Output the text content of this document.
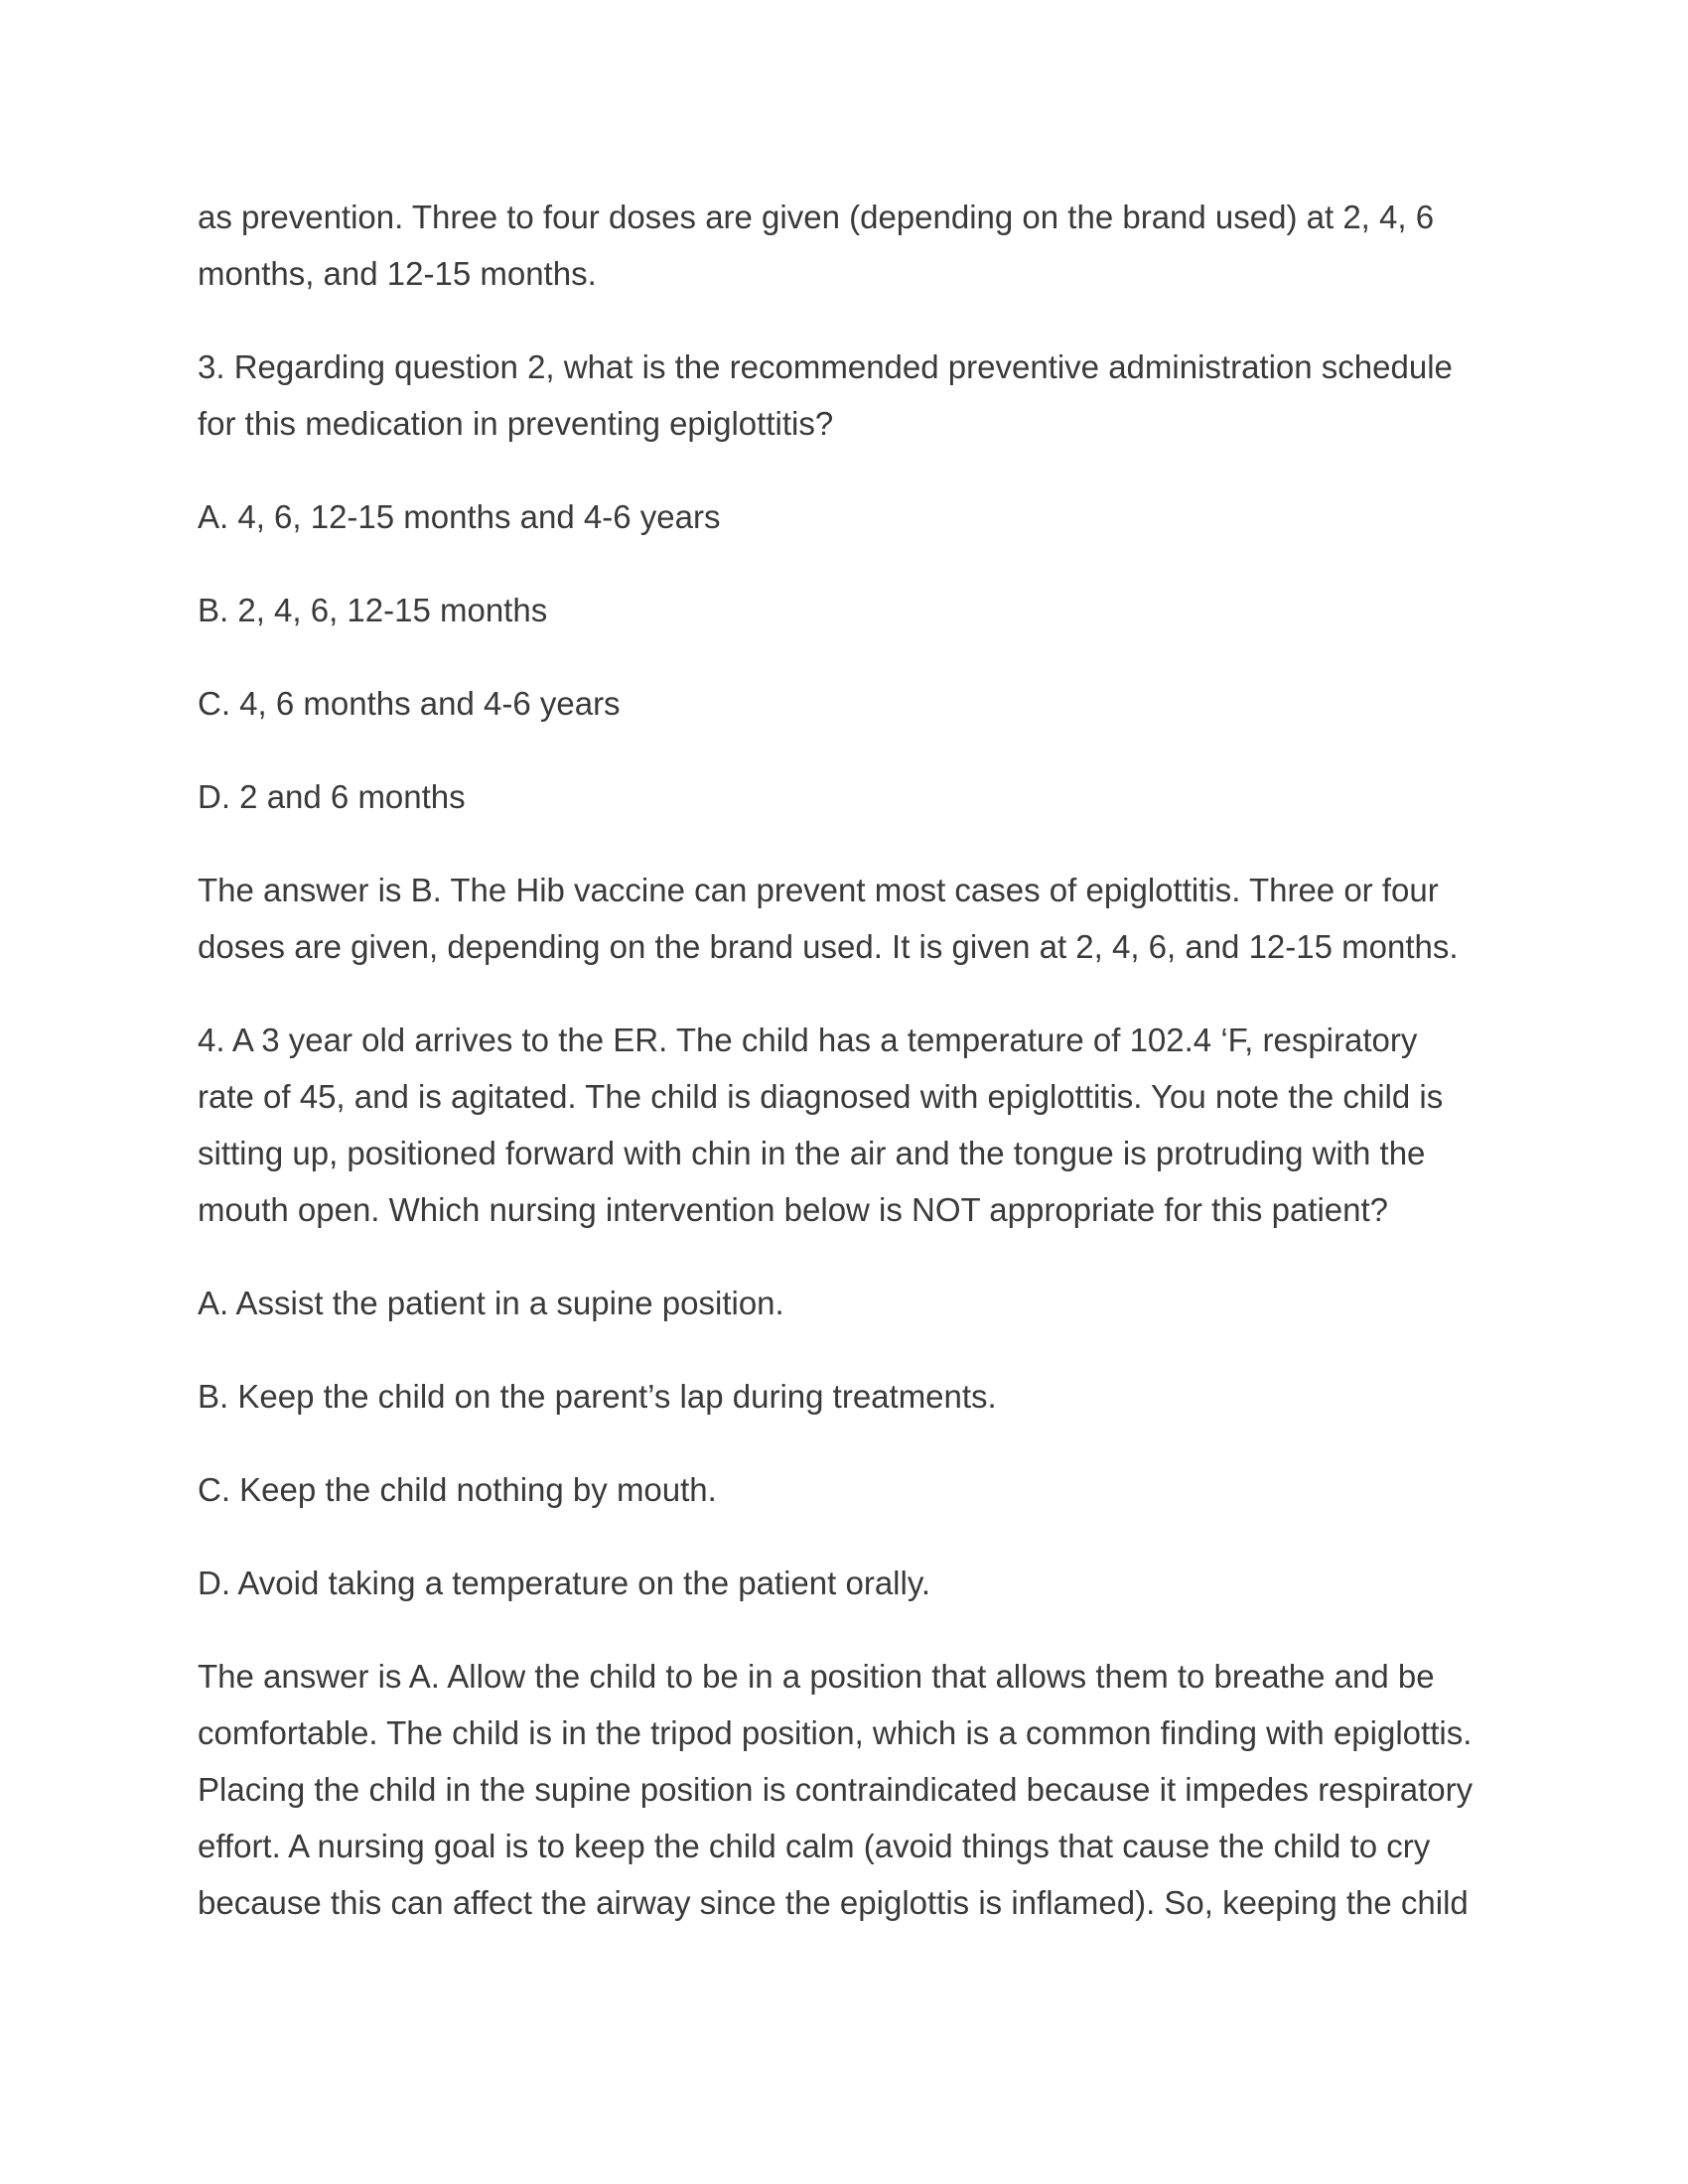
as prevention. Three to four doses are given (depending on the brand used) at 2, 4, 6
months, and 12-15 months.

3. Regarding question 2, what is the recommended preventive administration schedule
for this medication in preventing epiglottitis?

A. 4, 6, 12-15 months and 4-6 years

B. 2, 4, 6, 12-15 months

C. 4, 6 months and 4-6 years

D. 2 and 6 months

The answer is B. The Hib vaccine can prevent most cases of epiglottitis. Three or four
doses are given, depending on the brand used. It is given at 2, 4, 6, and 12-15 months.

4. A 3 year old arrives to the ER. The child has a temperature of 102.4 ‘F, respiratory
rate of 45, and is agitated. The child is diagnosed with epiglottitis. You note the child is
sitting up, positioned forward with chin in the air and the tongue is protruding with the
mouth open. Which nursing intervention below is NOT appropriate for this patient?

A. Assist the patient in a supine position.

B. Keep the child on the parent’s lap during treatments.

C. Keep the child nothing by mouth.

D. Avoid taking a temperature on the patient orally.

The answer is A. Allow the child to be in a position that allows them to breathe and be
comfortable. The child is in the tripod position, which is a common finding with epiglottis.
Placing the child in the supine position is contraindicated because it impedes respiratory
effort. A nursing goal is to keep the child calm (avoid things that cause the child to cry
because this can affect the airway since the epiglottis is inflamed). So, keeping the child
